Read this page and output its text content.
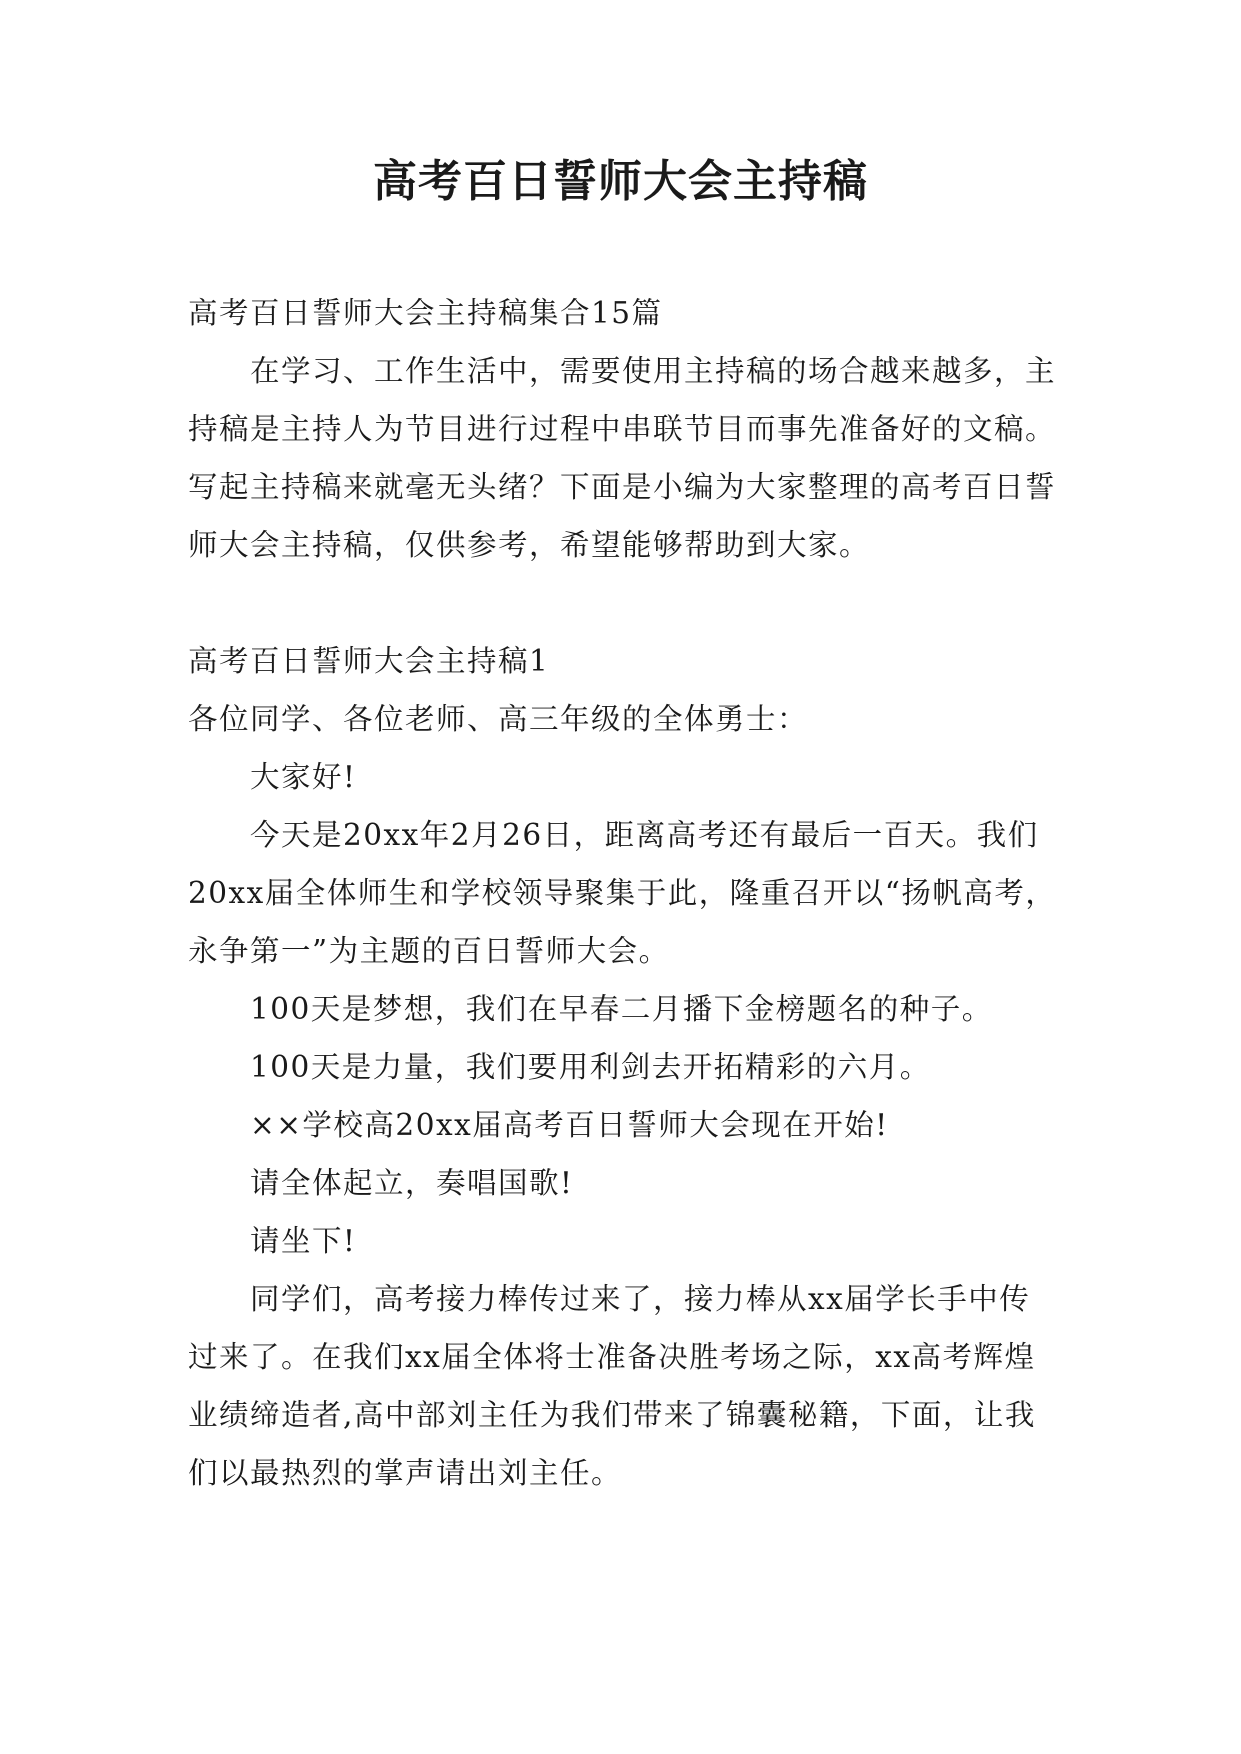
高考百日誓师大会主持稿

高考百日誓师大会主持稿集合15篇

在学习、工作生活中，需要使用主持稿的场合越来越多，主持稿是主持人为节目进行过程中串联节目而事先准备好的文稿。写起主持稿来就毫无头绪？下面是小编为大家整理的高考百日誓师大会主持稿，仅供参考，希望能够帮助到大家。

高考百日誓师大会主持稿1

各位同学、各位老师、高三年级的全体勇士：

大家好!

今天是20xx年2月26日，距离高考还有最后一百天。我们20xx届全体师生和学校领导聚集于此，隆重召开以“扬帆高考，永争第一”为主题的百日誓师大会。

100天是梦想，我们在早春二月播下金榜题名的种子。

100天是力量，我们要用利剑去开拓精彩的六月。

××学校高20xx届高考百日誓师大会现在开始!

请全体起立，奏唱国歌!

请坐下!

同学们，高考接力棒传过来了，接力棒从xx届学长手中传过来了。在我们xx届全体将士准备决胜考场之际，xx高考辉煌业绩缔造者,高中部刘主任为我们带来了锦囊秘籍，下面，让我们以最热烈的掌声请出刘主任。
